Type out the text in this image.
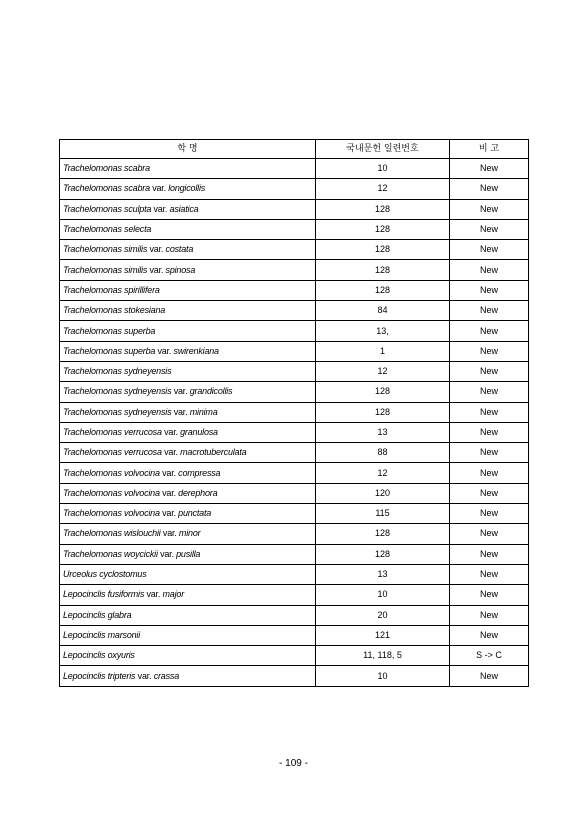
학 명	국내문헌 일련번호	비 고
Trachelomonas scabra	10	New
Trachelomonas scabra var. longicollis	12	New
Trachelomonas sculpta var. asiatica	128	New
Trachelomonas selecta	128	New
Trachelomonas similis var. costata	128	New
Trachelomonas similis var. spinosa	128	New
Trachelomonas spirillifera	128	New
Trachelomonas stokesiana	84	New
Trachelomonas superba	13,	New
Trachelomonas superba var. swirenkiana	1	New
Trachelomonas sydneyensis	12	New
Trachelomonas sydneyensis var. grandicollis	128	New
Trachelomonas sydneyensis var. minima	128	New
Trachelomonas verrucosa var. granulosa	13	New
Trachelomonas verrucosa var. macrotuberculata	88	New
Trachelomonas volvocina var. compressa	12	New
Trachelomonas volvocina var. derephora	120	New
Trachelomonas volvocina var. punctata	115	New
Trachelomonas wislouchii var. minor	128	New
Trachelomonas woycickii var. pusilla	128	New
Urceolus cyclostomus	13	New
Lepocinclis fusiformis var. major	10	New
Lepocinclis glabra	20	New
Lepocinclis marsonii	121	New
Lepocinclis oxyuris	11, 118, 5	S -> C
Lepocinclis tripteris var. crassa	10	New
- 109 -
